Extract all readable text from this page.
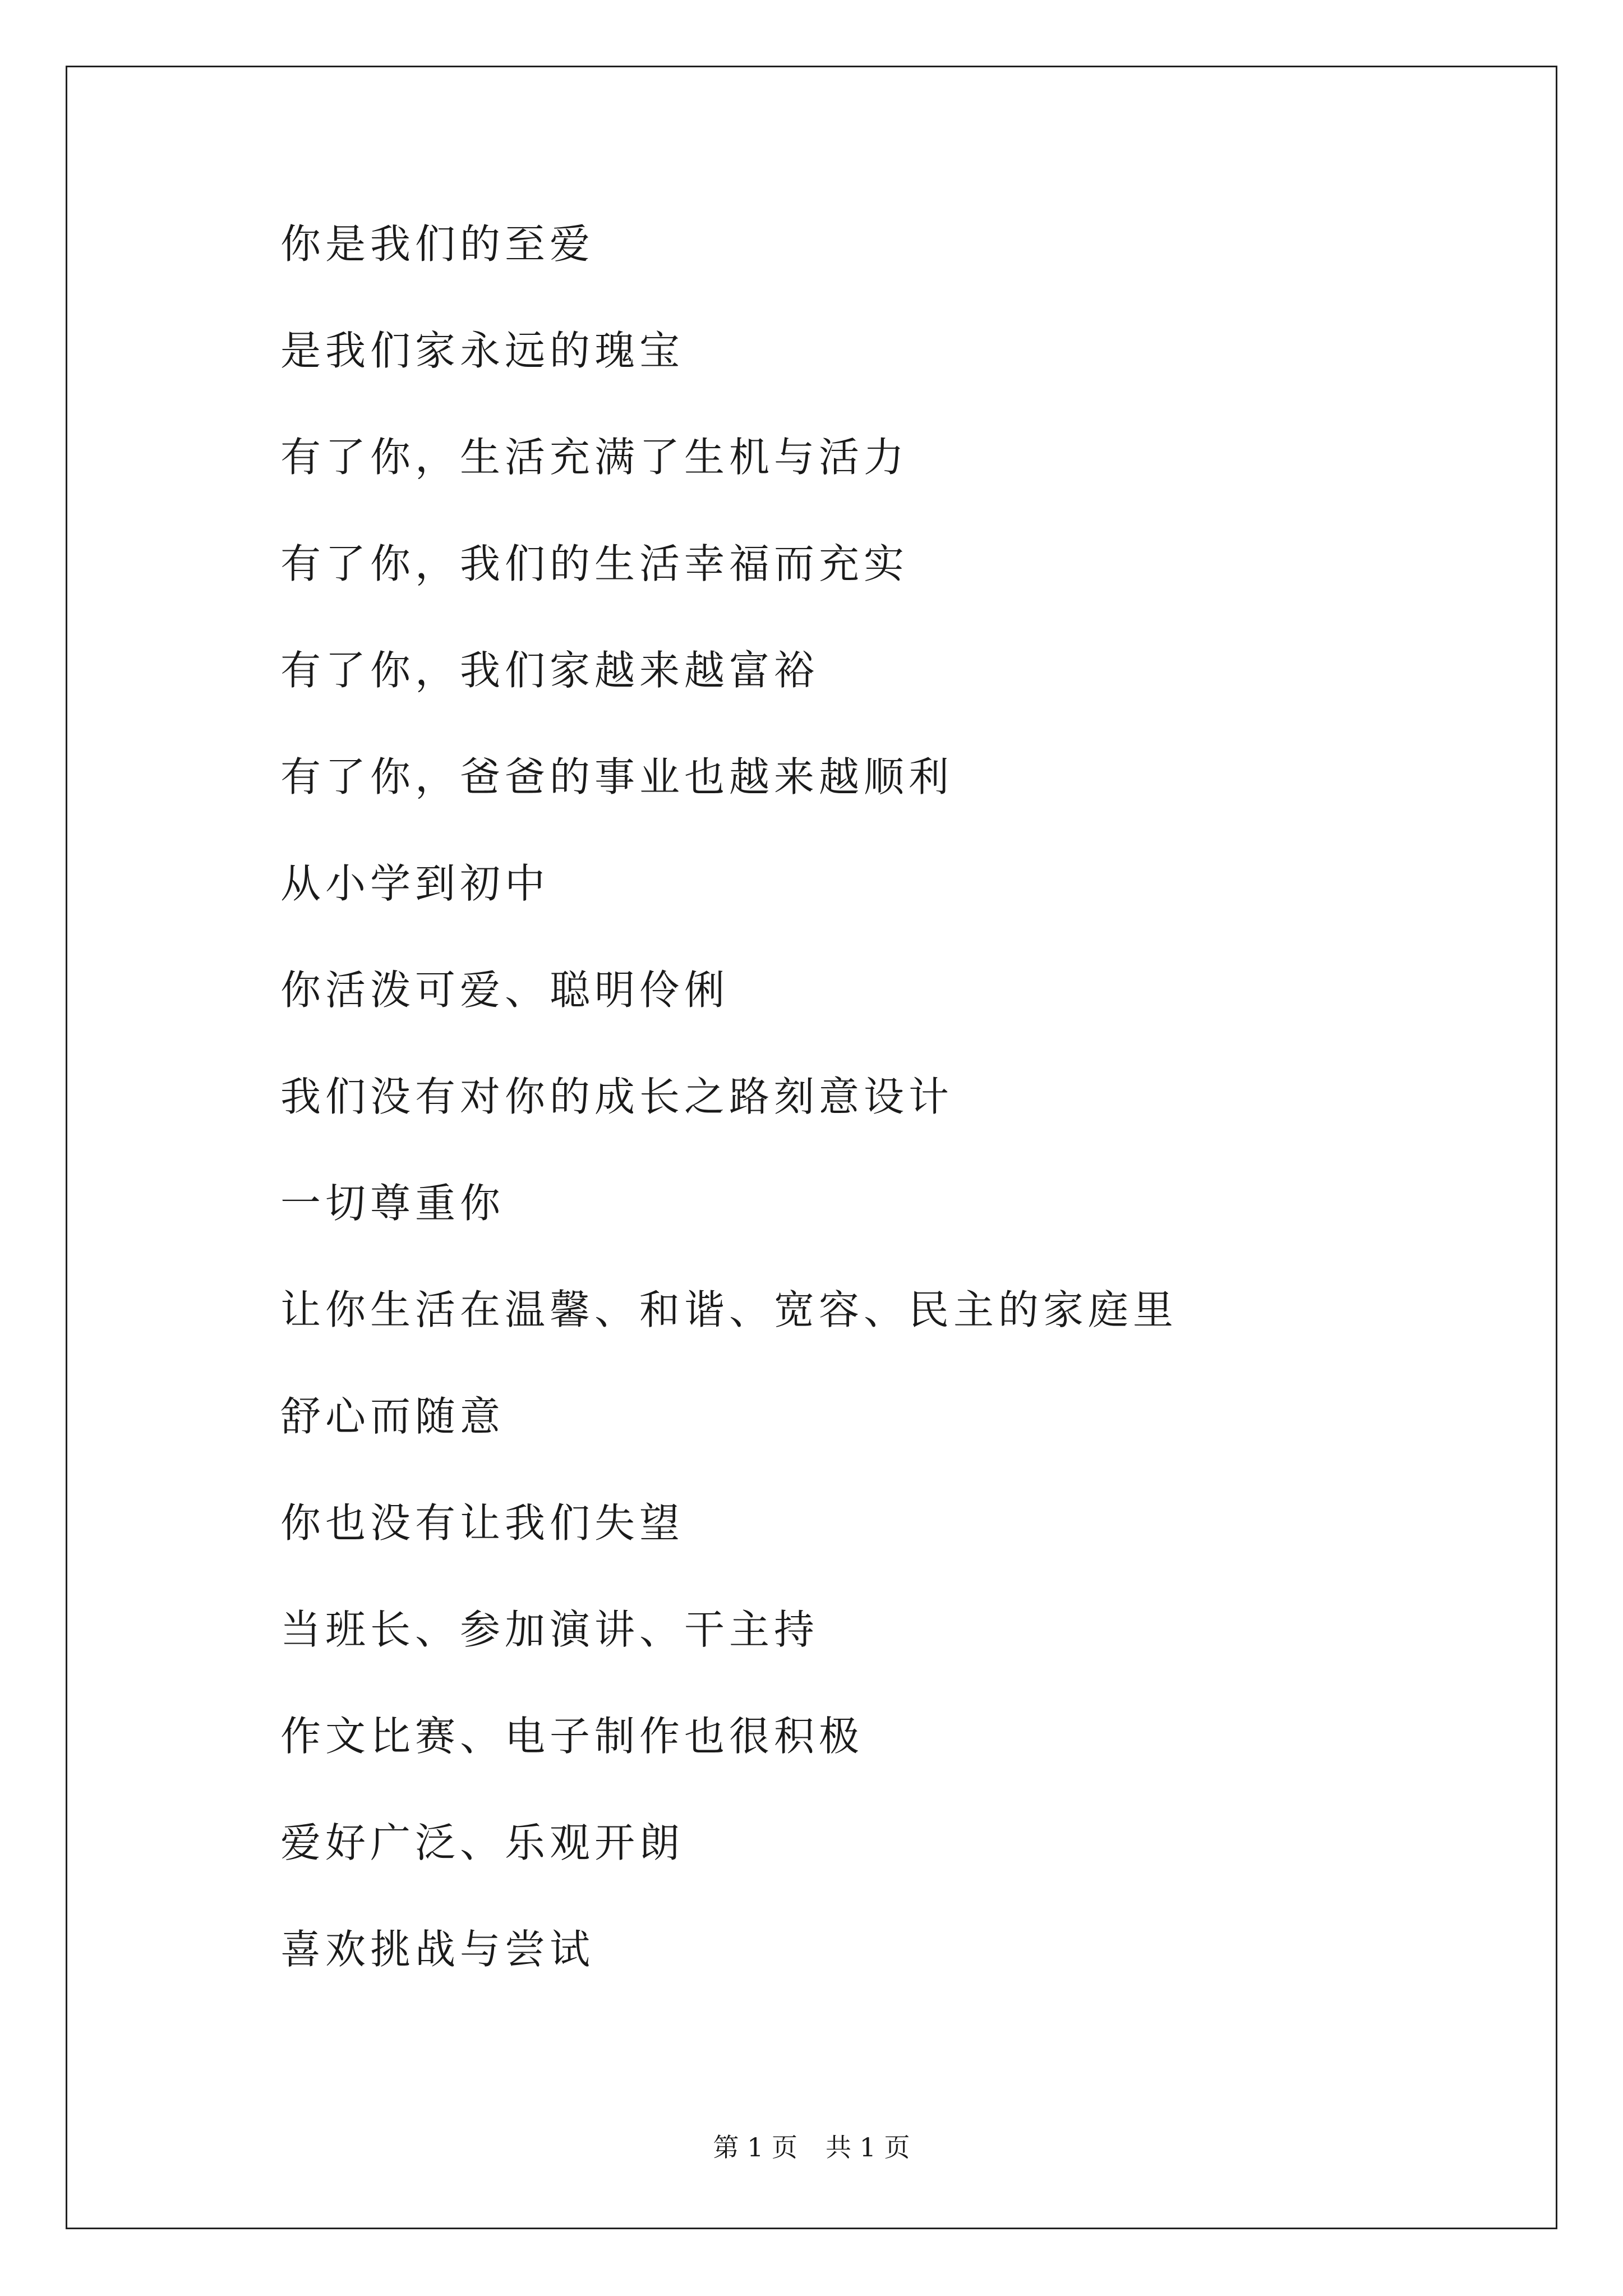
你是我们的至爱
是我们家永远的瑰宝
有了你，生活充满了生机与活力
有了你，我们的生活幸福而充实
有了你，我们家越来越富裕
有了你，爸爸的事业也越来越顺利
从小学到初中
你活泼可爱、聪明伶俐
我们没有对你的成长之路刻意设计
一切尊重你
让你生活在温馨、和谐、宽容、民主的家庭里
舒心而随意
你也没有让我们失望
当班长、参加演讲、干主持
作文比赛、电子制作也很积极
爱好广泛、乐观开朗
喜欢挑战与尝试
第 1 页 共 1 页
